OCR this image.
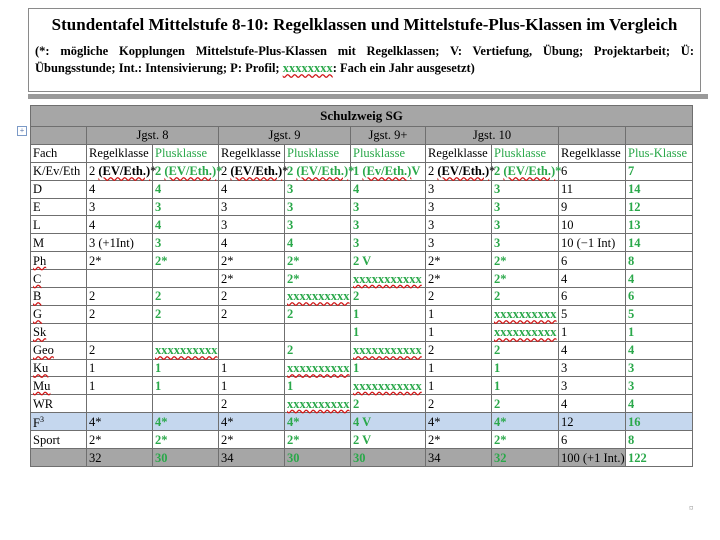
Stundentafel Mittelstufe 8-10: Regelklassen und Mittelstufe-Plus-Klassen im Vergleich
(*: mögliche Kopplungen Mittelstufe-Plus-Klassen mit Regelklassen; V: Vertiefung, Übung; Projektarbeit; Ü: Übungsstunde; Int.: Intensivierung; P: Profil; xxxxxxxx: Fach ein Jahr ausgesetzt)
+
Schulzweig SG									
	Jgst. 8		Jgst. 9		Jgst. 9+	Jgst. 10			
Fach	Regelklasse	Plusklasse	Regelklasse	Plusklasse	Plusklasse	Regelklasse	Plusklasse	Regelklasse	Plus-Klasse
K/Ev/Eth	2 (EV/Eth.)*	2 (EV/Eth.)*	2 (EV/Eth.)*	2 (EV/Eth.)*	1 (Ev/Eth.)V	2 (EV/Eth.)*	2 (EV/Eth.)*	6	7
D	4	4	4	3	4	3	3	11	14
E	3	3	3	3	3	3	3	9	12
L	4	4	3	3	3	3	3	10	13
M	3 (+1Int)	3	4	4	3	3	3	10 (−1 Int)	14
Ph	2*	2*	2*	2*	2 V	2*	2*	6	8
C			2*	2*	xxxxxxxxxxx	2*	2*	4	4
B	2	2	2	xxxxxxxxxx	2	2	2	6	6
G	2	2	2	2	1	1	xxxxxxxxxx	5	5
Sk					1	1	xxxxxxxxxx	1	1
Geo	2	xxxxxxxxxx		2	xxxxxxxxxxx	2	2	4	4
Ku	1	1	1	xxxxxxxxxx	1	1	1	3	3
Mu	1	1	1	1	xxxxxxxxxxx	1	1	3	3
WR			2	xxxxxxxxxx	2	2	2	4	4
$F^3$	4*	4*	4*	4*	4 V	4*	4*	12	16
Sport	2*	2*	2*	2*	2 V	2*	2*	6	8
	32	30	34	30	30	34	32	100 (+1 Int.)	122
¤
